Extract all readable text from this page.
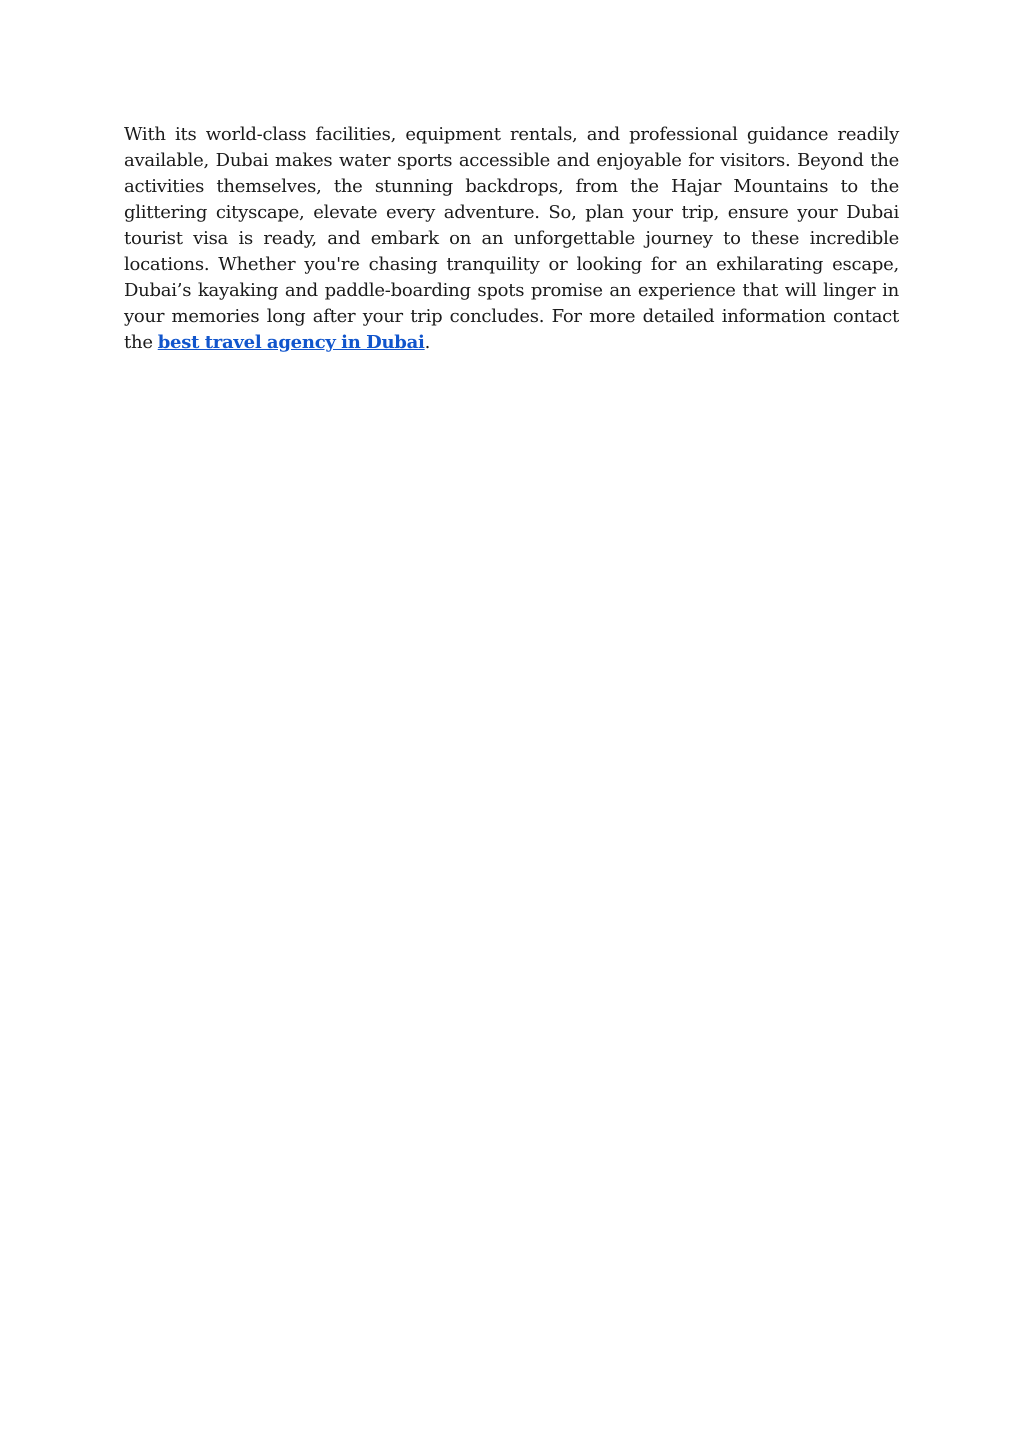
With its world-class facilities, equipment rentals, and professional guidance readily available, Dubai makes water sports accessible and enjoyable for visitors. Beyond the activities themselves, the stunning backdrops, from the Hajar Mountains to the glittering cityscape, elevate every adventure. So, plan your trip, ensure your Dubai tourist visa is ready, and embark on an unforgettable journey to these incredible locations. Whether you're chasing tranquility or looking for an exhilarating escape, Dubai’s kayaking and paddle-boarding spots promise an experience that will linger in your memories long after your trip concludes. For more detailed information contact the best travel agency in Dubai.
